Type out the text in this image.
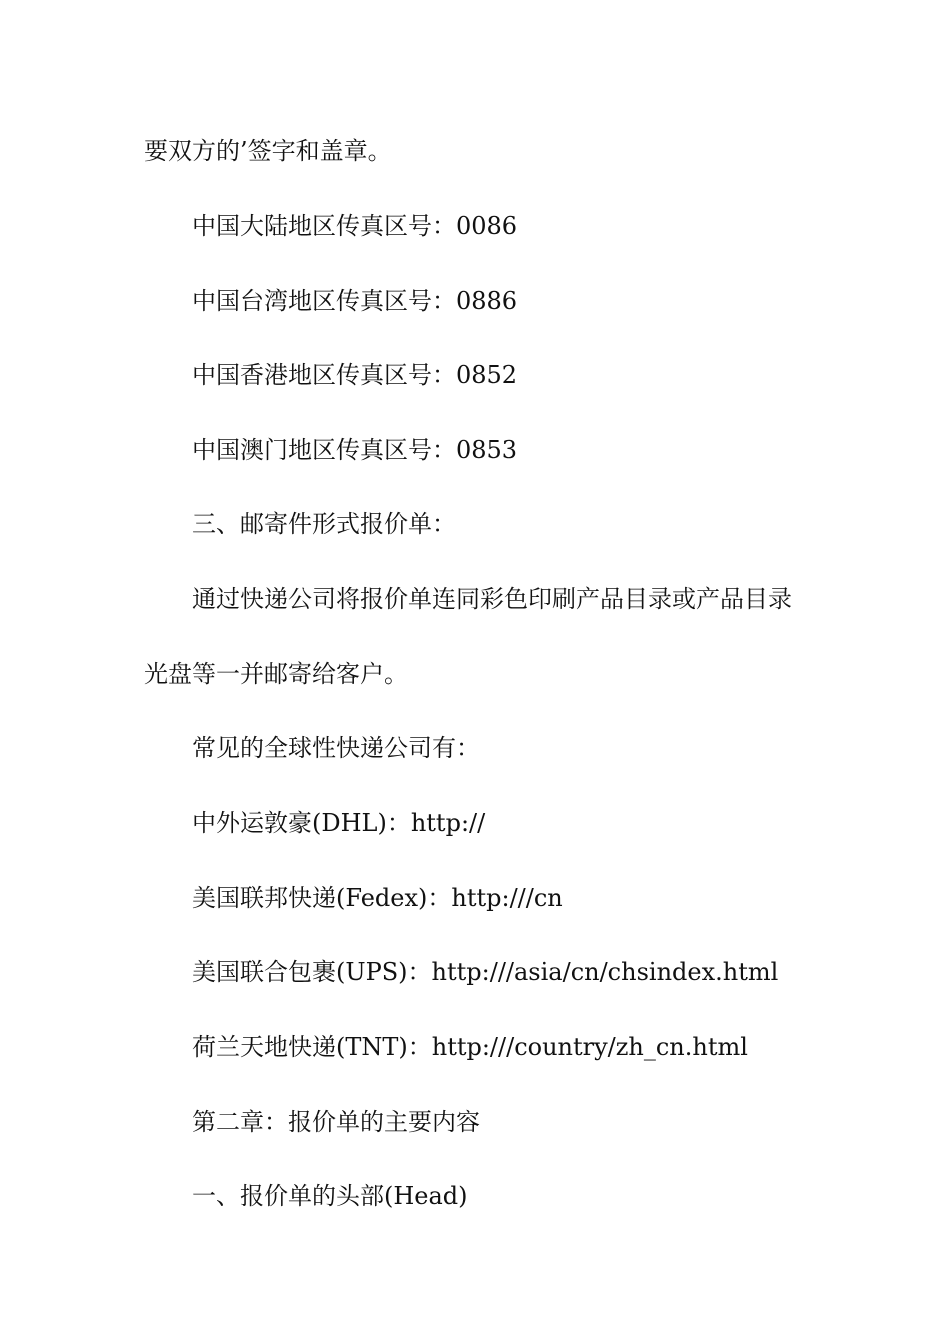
要双方的’签字和盖章。
中国大陆地区传真区号：0086
中国台湾地区传真区号：0886
中国香港地区传真区号：0852
中国澳门地区传真区号：0853
三、邮寄件形式报价单：
通过快递公司将报价单连同彩色印刷产品目录或产品目录
光盘等一并邮寄给客户。
常见的全球性快递公司有：
中外运敦豪(DHL)：http://
美国联邦快递(Fedex)：http:///cn
美国联合包裹(UPS)：http:///asia/cn/chsindex.html
荷兰天地快递(TNT)：http:///country/zh_cn.html
第二章：报价单的主要内容
一、报价单的头部(Head)
